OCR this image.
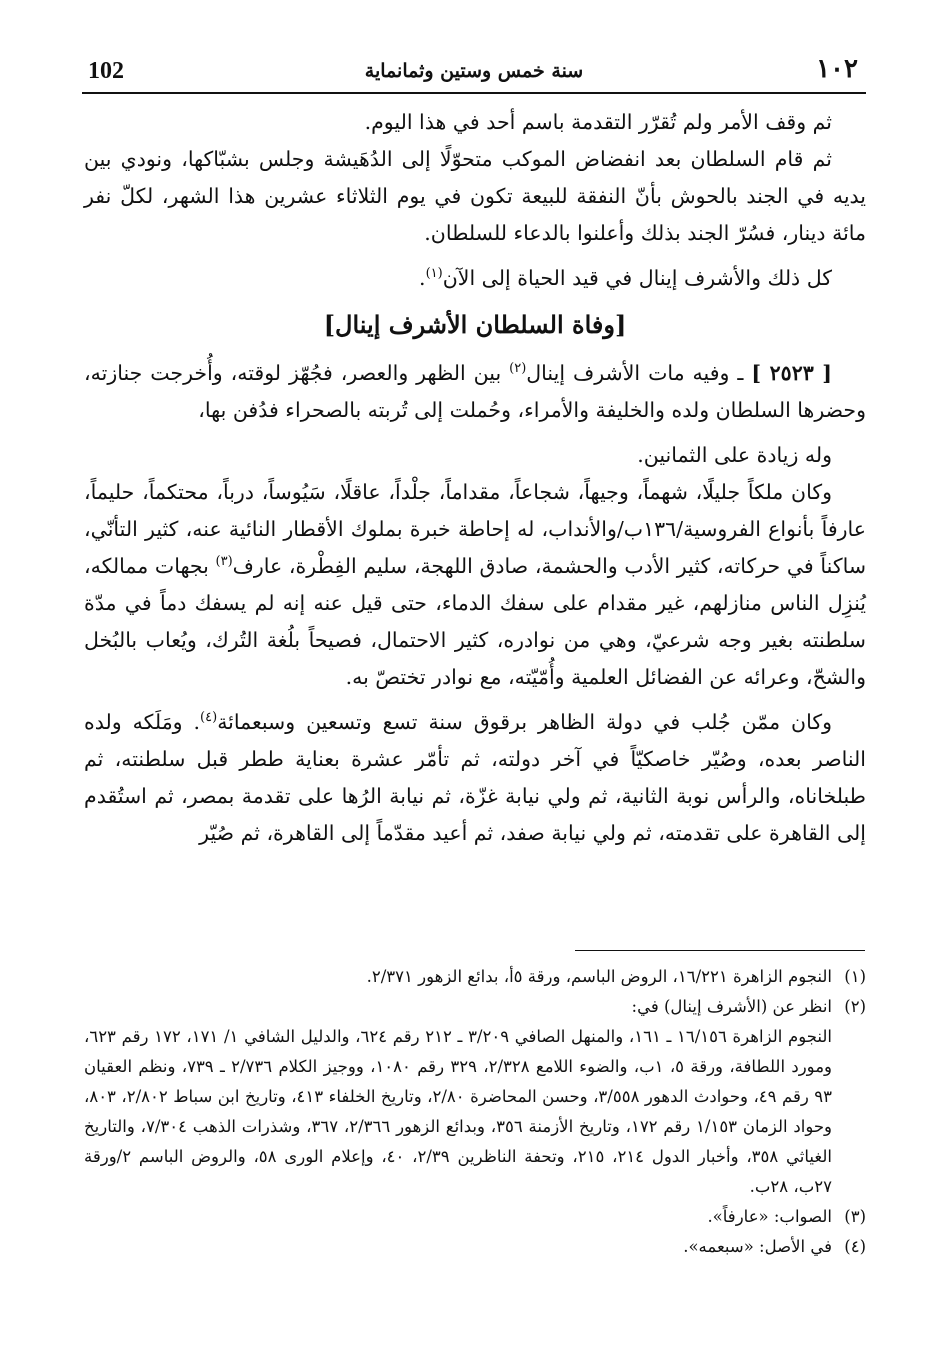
102	سنة خمس وستين وثمانماية	١٠٢

ثم وقف الأمر ولم تُقرّر التقدمة باسم أحد في هذا اليوم.

ثم قام السلطان بعد انفضاض الموكب متحوّلًا إلى الدُهَيشة وجلس بشبّاكها، ونودي بين يديه في الجند بالحوش بأنّ النفقة للبيعة تكون في يوم الثلاثاء عشرين هذا الشهر، لكلّ نفر مائة دينار، فسُرّ الجند بذلك وأعلنوا بالدعاء للسلطان.

كل ذلك والأشرف إينال في قيد الحياة إلى الآن$^{(١)}$.

[وفاة السلطان الأشرف إينال]

[ ٢٥٢٣ ] ـ وفيه مات الأشرف إينال$^{(٢)}$ بين الظهر والعصر، فجُهّز لوقته، وأُخرجت جنازته، وحضرها السلطان ولده والخليفة والأمراء، وحُملت إلى تُربته بالصحراء فدُفن بها،

وله زيادة على الثمانين.

وكان ملكاً جليلًا، شهماً، وجيهاً، شجاعاً، مقداماً، جلْداً، عاقلًا، سَيُوساً، درباً، محتكماً، حليماً، عارفاً بأنواع الفروسية/١٣٦ب/والأنداب، له إحاطة خبرة بملوك الأقطار النائية عنه، كثير التأنّي، ساكناً في حركاته، كثير الأدب والحشمة، صادق اللهجة، سليم الفِطْرة، عارف$^{(٣)}$ بجهات ممالكه، يُنزِل الناس منازلهم، غير مقدام على سفك الدماء، حتى قيل عنه إنه لم يسفك دماً في مدّة سلطنته بغير وجه شرعيّ، وهي من نوادره، كثير الاحتمال، فصيحاً بلُغة التُرك، ويُعاب بالبُخل والشحّ، وعرائه عن الفضائل العلمية وأُمّيّته، مع نوادر تختصّ به.

وكان ممّن جُلب في دولة الظاهر برقوق سنة تسع وتسعين وسبعمائة$^{(٤)}$. ومَلَكه ولده الناصر بعده، وصُيّر خاصكيّاً في آخر دولته، ثم تأمّر عشرة بعناية ططر قبل سلطنته، ثم طبلخاناه، والرأس نوبة الثانية، ثم ولي نيابة غزّة، ثم نيابة الرُها على تقدمة بمصر، ثم استُقدم إلى القاهرة على تقدمته، ثم ولي نيابة صفد، ثم أعيد مقدّماً إلى القاهرة، ثم صُيّر

(١)
النجوم الزاهرة ١٦/٢٢١، الروض الباسم، ورقة ٥أ، بدائع الزهور ٢/٣٧١.
(٢)
انظر عن (الأشرف إينال) في:
النجوم الزاهرة ١٦/١٥٦ ـ ١٦١، والمنهل الصافي ٣/٢٠٩ ـ ٢١٢ رقم ٦٢٤، والدليل الشافي ١/ ١٧١، ١٧٢ رقم ٦٢٣، ومورد اللطافة، ورقة ٥، ١ب، والضوء اللامع ٢/٣٢٨، ٣٢٩ رقم ١٠٨٠، ووجيز الكلام ٢/٧٣٦ ـ ٧٣٩، ونظم العقيان ٩٣ رقم ٤٩، وحوادث الدهور ٣/٥٥٨، وحسن المحاضرة ٢/٨٠، وتاريخ الخلفاء ٤١٣، وتاريخ ابن سباط ٢/٨٠٢، ٨٠٣، وحواد الزمان ١/١٥٣ رقم ١٧٢، وتاريخ الأزمنة ٣٥٦، وبدائع الزهور ٢/٣٦٦، ٣٦٧، وشذرات الذهب ٧/٣٠٤، والتاريخ الغياثي ٣٥٨، وأخبار الدول ٢١٤، ٢١٥، وتحفة الناظرين ٢/٣٩، ٤٠، وإعلام الورى ٥٨، والروض الباسم ٢/ورقة ٢٧ب، ٢٨ب.
(٣)
الصواب: «عارفاً».
(٤)
في الأصل: «سبعمه».
